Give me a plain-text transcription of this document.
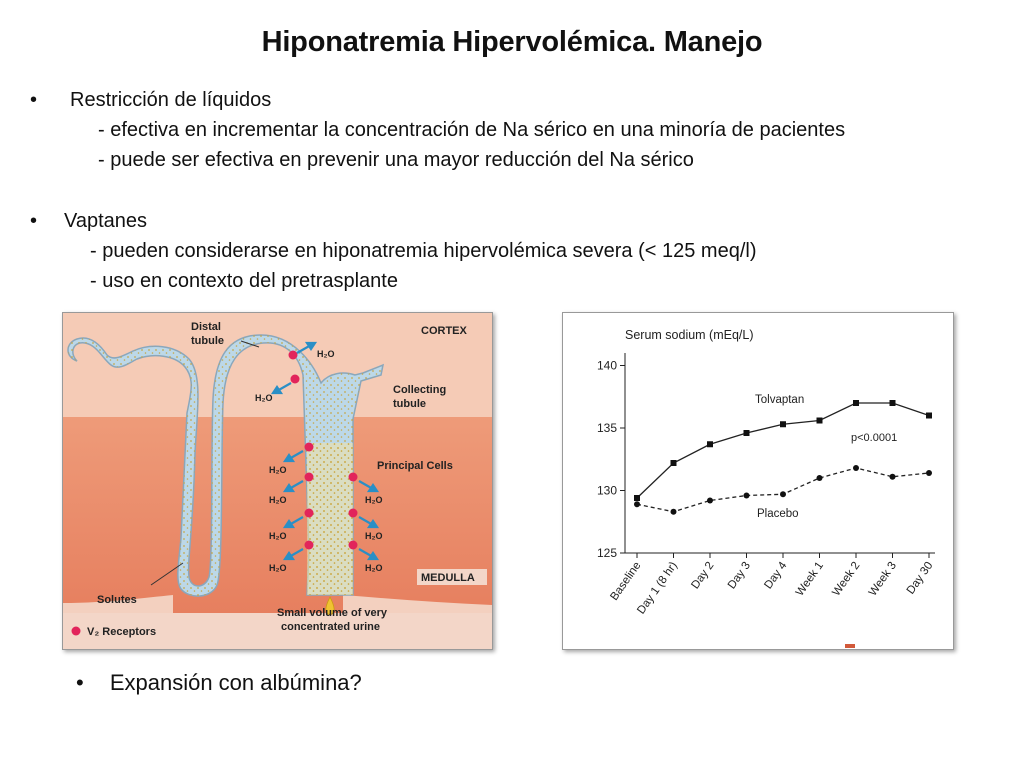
Hiponatremia Hipervolémica. Manejo
• Restricción de líquidos
- efectiva en incrementar la concentración de Na sérico en una minoría de pacientes
- puede ser efectiva en prevenir una mayor reducción del Na sérico
• Vaptanes
- pueden considerarse en hiponatremia hipervolémica severa (< 125 meq/l)
- uso en contexto del pretrasplante
Distal
tubule
CORTEX
Collecting
tubule
Principal Cells
H₂O
H₂O
H₂O
H₂O
H₂O
H₂O
H₂O
H₂O
H₂O
MEDULLA
Solutes
Small volume of very
concentrated urine
V₂ Receptors
Serum sodium (mEq/L)
125
130
135
140
Baseline
Day 1 (8 hr) Day 2 Day 3 Day 4 Week 1 Week 2 Week 3 Day 30
Tolvaptan
Placebo
p<0.0001
• Expansión con albúmina?
